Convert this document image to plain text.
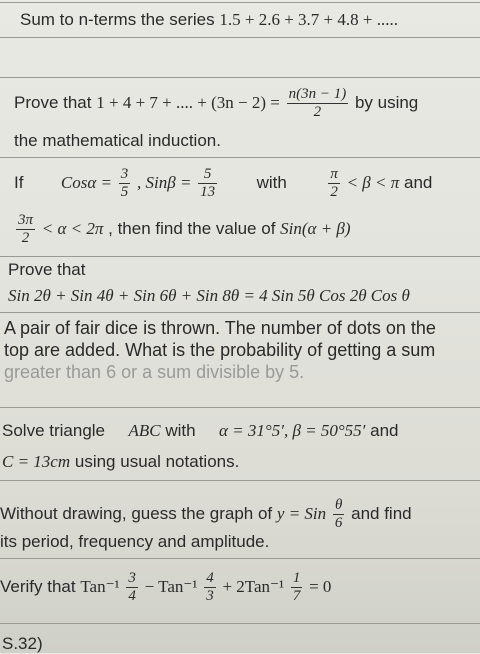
Sum to n-terms the series 1.5 + 2.6 + 3.7 + 4.8 + .....
Prove that 1 + 4 + 7 + .... + $(3n - 2) = \frac{n(3n - 1)}{2}$ by using
the mathematical induction.
If $Cos\alpha = \frac{3}{5}$ , $Sin\beta = \frac{5}{13}$ with	$\frac{\pi}{2} < \beta < \pi$ and
$\frac{3\pi}{2} < \alpha < 2\pi$ , then find the value of Sin(α + β)
Prove that
Sin 2θ + Sin 4θ + Sin 6θ + Sin 8θ = 4 Sin 5θ Cos 2θ Cos θ
A pair of fair dice is thrown. The number of dots on the
top are added. What is the probability of getting a sum
greater than 6 or a sum divisible by 5.
Solve triangle ABC with α = 31°5′, β = 50°55′ and
C = 13cm using usual notations.
Without drawing, guess the graph of y = Sin $\frac{\theta}{6}$ and find
its period, frequency and amplitude.
Verify that $Tan^{-1} \frac{3}{4} - Tan^{-1} \frac{4}{3} + 2Tan^{-1} \frac{1}{7} = 0$
S.32)
